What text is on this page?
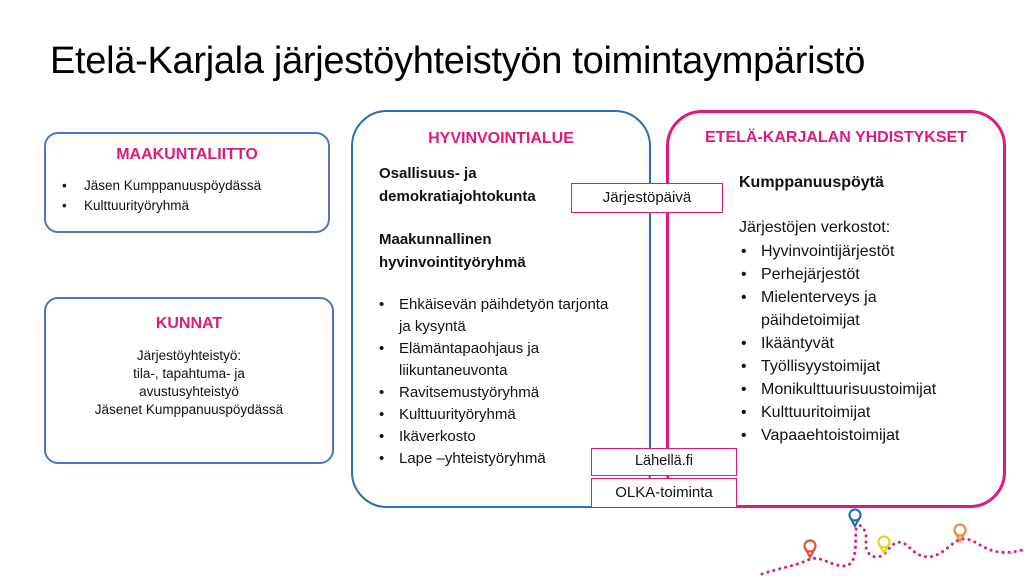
Etelä-Karjala järjestöyhteistyön toimintaympäristö
MAAKUNTALIITTO
• Jäsen Kumppanuuspöydässä
• Kulttuurityöryhmä
KUNNAT
Järjestöyhteistyö:
tila-, tapahtuma- ja
avustusyhteistyö
Jäsenet Kumppanuuspöydässä
HYVINVOINTIALUE
Osallisuus- ja demokratiajohtokunta
Maakunnallinen hyvinvointityöryhmä
• Ehkäisevän päihdetyön tarjonta ja kysyntä
• Elämäntapaohjaus ja liikuntaneuvonta
• Ravitsemustyöryhmä
• Kulttuurityöryhmä
• Ikäverkosto
• Lape –yhteistyöryhmä
ETELÄ-KARJALAN YHDISTYKSET
Kumppanuuspöytä
Järjestöjen verkostot:
• Hyvinvointijärjestöt
• Perhejärjestöt
• Mielenterveys ja päihdetoimijat
• Ikääntyvät
• Työllisyystoimijat
• Monikulttuurisuustoimijat
• Kulttuuritoimijat
• Vapaaehtoistoimijat
Järjestöpäivä
Lähellä.fi
OLKA-toiminta
